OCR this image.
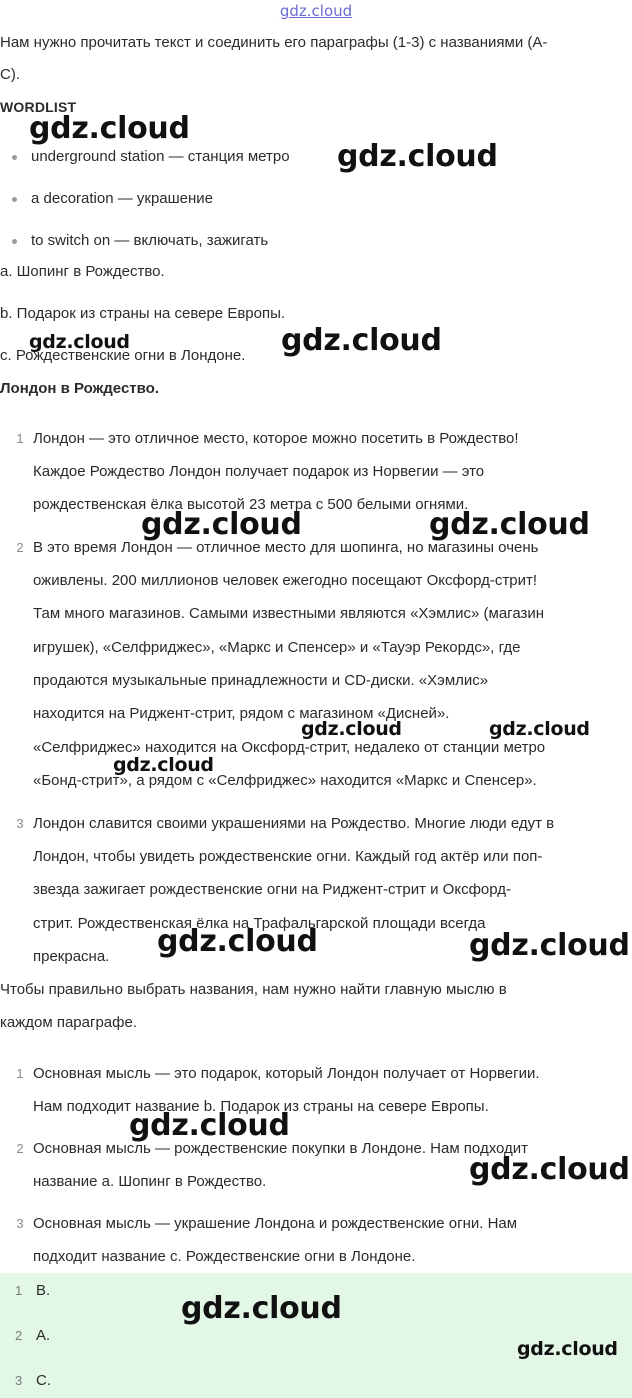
gdz.cloud
Нам нужно прочитать текст и соединить его параграфы (1-3) с названиями (A-
C).
WORDLIST
underground station — станция метро
a decoration — украшение
to switch on — включать, зажигать
a. Шопинг в Рождество.
b. Подарок из страны на севере Европы.
c. Рождественские огни в Лондоне.
Лондон в Рождество.
1 Лондон — это отличное место, которое можно посетить в Рождество!
Каждое Рождество Лондон получает подарок из Норвегии — это
рождественская ёлка высотой 23 метра с 500 белыми огнями.
2 В это время Лондон — отличное место для шопинга, но магазины очень
оживлены. 200 миллионов человек ежегодно посещают Оксфорд-стрит!
Там много магазинов. Самыми известными являются «Хэмлис» (магазин
игрушек), «Селфриджес», «Маркс и Спенсер» и «Тауэр Рекордс», где
продаются музыкальные принадлежности и CD-диски. «Хэмлис»
находится на Риджент-стрит, рядом с магазином «Дисней».
«Селфриджес» находится на Оксфорд-стрит, недалеко от станции метро
«Бонд-стрит», а рядом с «Селфриджес» находится «Маркс и Спенсер».
3 Лондон славится своими украшениями на Рождество. Многие люди едут в
Лондон, чтобы увидеть рождественские огни. Каждый год актёр или поп-
звезда зажигает рождественские огни на Риджент-стрит и Оксфорд-
стрит. Рождественская ёлка на Трафальгарской площади всегда
прекрасна.
Чтобы правильно выбрать названия, нам нужно найти главную мыслю в
каждом параграфе.
1 Основная мысль — это подарок, который Лондон получает от Норвегии.
Нам подходит название b. Подарок из страны на севере Европы.
2 Основная мысль — рождественские покупки в Лондоне. Нам подходит
название a. Шопинг в Рождество.
3 Основная мысль — украшение Лондона и рождественские огни. Нам
подходит название c. Рождественские огни в Лондоне.
1 B.
2 A.
3 C.
gdz.cloud
gdz.cloud
gdz.cloud	gdz.cloud
gdz.cloud	gdz.cloud
gdz.cloud	gdz.cloud
gdz.cloud
gdz.cloud	gdz.cloud
gdz.cloud
gdz.cloud
gdz.cloud
gdz.cloud
